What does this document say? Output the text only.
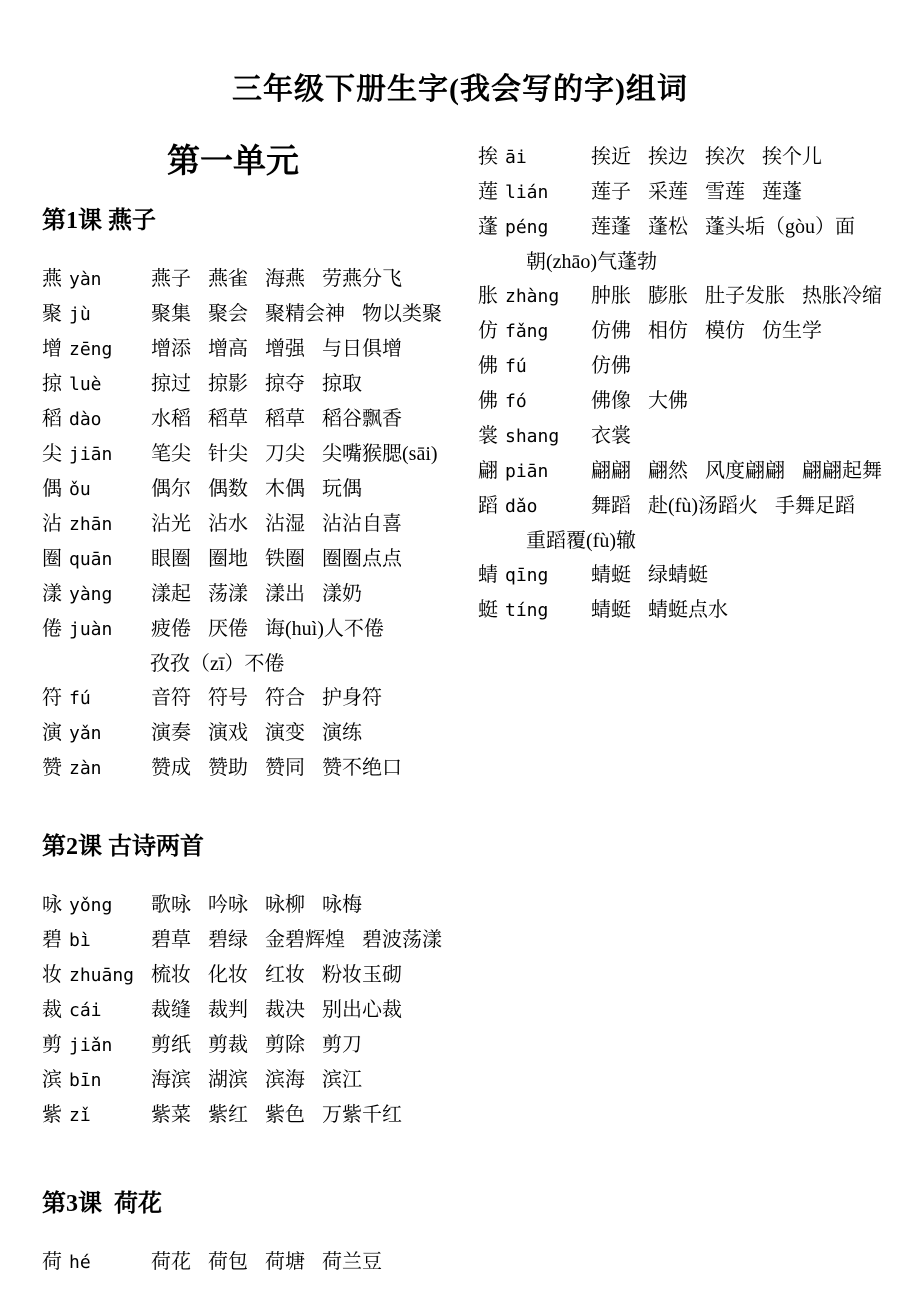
三年级下册生字(我会写的字)组词
第一单元
第1课 燕子
燕 yàn 燕子 燕雀 海燕 劳燕分飞
聚 jù	聚集 聚会 聚精会神 物以类聚
增 zēng 增添 增高 增强 与日俱增
掠 luè 掠过 掠影 掠夺 掠取
稻 dào 水稻 稻草 稻草 稻谷飘香
尖 jiān 笔尖 针尖 刀尖 尖嘴猴腮(sāi)
偶 ǒu	偶尔 偶数 木偶 玩偶
沾 zhān 沾光 沾水 沾湿 沾沾自喜
圈 quān 眼圈 圈地 铁圈 圈圈点点
漾 yàng 漾起 荡漾 漾出 漾奶
倦 juàn 疲倦 厌倦 诲(huì)人不倦
孜孜（zī）不倦
符 fú	音符 符号 符合 护身符
演 yǎn 演奏 演戏 演变 演练
赞 zàn 赞成 赞助 赞同 赞不绝口
第2课 古诗两首
咏 yǒng 歌咏 吟咏 咏柳 咏梅
碧 bì	碧草 碧绿 金碧辉煌 碧波荡漾
妆 zhuāng 梳妆 化妆 红妆 粉妆玉砌
裁 cái 裁缝 裁判 裁决 别出心裁
剪 jiǎn 剪纸 剪裁 剪除 剪刀
滨 bīn 海滨 湖滨 滨海 滨江
紫 zǐ	紫菜 紫红 紫色 万紫千红
第3课  荷花
荷 hé	荷花 荷包 荷塘 荷兰豆
挨 āi	挨近 挨边 挨次 挨个儿
莲 lián 莲子 采莲 雪莲 莲蓬
蓬 péng 莲蓬 蓬松 蓬头垢（gòu）面
朝(zhāo)气蓬勃
胀 zhàng 肿胀 膨胀 肚子发胀 热胀冷缩
仿 fǎng 仿佛 相仿 模仿 仿生学
佛 fú	仿佛
佛 fó	佛像 大佛
裳 shang 衣裳
翩 piān 翩翩 翩然 风度翩翩 翩翩起舞
蹈 dǎo	舞蹈 赴(fù)汤蹈火 手舞足蹈
重蹈覆(fù)辙
蜻 qīng 蜻蜓 绿蜻蜓
蜓 tíng 蜻蜓 蜻蜓点水
